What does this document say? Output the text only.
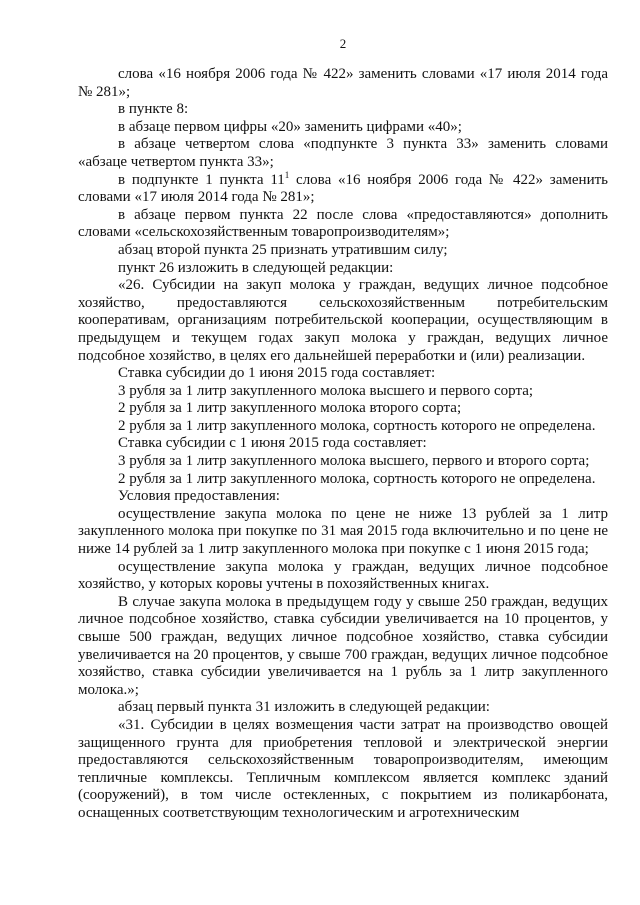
2

слова «16 ноября 2006 года № 422» заменить словами «17 июля 2014 года № 281»;

в пункте 8:

в абзаце первом цифры «20» заменить цифрами «40»;

в абзаце четвертом слова «подпункте 3 пункта 33» заменить словами «абзаце четвертом пункта 33»;

в подпункте 1 пункта $11^1$ слова «16 ноября 2006 года № 422» заменить словами «17 июля 2014 года № 281»;

в абзаце первом пункта 22 после слова «предоставляются» дополнить словами «сельскохозяйственным товаропроизводителям»;

абзац второй пункта 25 признать утратившим силу;

пункт 26 изложить в следующей редакции:

«26. Субсидии на закуп молока у граждан, ведущих личное подсобное хозяйство, предоставляются сельскохозяйственным потребительским кооперативам, организациям потребительской кооперации, осуществляющим в предыдущем и текущем годах закуп молока у граждан, ведущих личное подсобное хозяйство, в целях его дальнейшей переработки и (или) реализации.

Ставка субсидии до 1 июня 2015 года составляет:

3 рубля за 1 литр закупленного молока высшего и первого сорта;

2 рубля за 1 литр закупленного молока второго сорта;

2 рубля за 1 литр закупленного молока, сортность которого не определена.

Ставка субсидии с 1 июня 2015 года составляет:

3 рубля за 1 литр закупленного молока высшего, первого и второго сорта;

2 рубля за 1 литр закупленного молока, сортность которого не определена.

Условия предоставления:

осуществление закупа молока по цене не ниже 13 рублей за 1 литр закупленного молока при покупке по 31 мая 2015 года включительно и по цене не ниже 14 рублей за 1 литр закупленного молока при покупке с 1 июня 2015 года;

осуществление закупа молока у граждан, ведущих личное подсобное хозяйство, у которых коровы учтены в похозяйственных книгах.

В случае закупа молока в предыдущем году у свыше 250 граждан, ведущих личное подсобное хозяйство, ставка субсидии увеличивается на 10 процентов, у свыше 500 граждан, ведущих личное подсобное хозяйство, ставка субсидии увеличивается на 20 процентов, у свыше 700 граждан, ведущих личное подсобное хозяйство, ставка субсидии увеличивается на 1 рубль за 1 литр закупленного молока.»;

абзац первый пункта 31 изложить в следующей редакции:

«31. Субсидии в целях возмещения части затрат на производство овощей защищенного грунта для приобретения тепловой и электрической энергии предоставляются сельскохозяйственным товаропроизводителям, имеющим тепличные комплексы. Тепличным комплексом является комплекс зданий (сооружений), в том числе остекленных, с покрытием из поликарбоната, оснащенных соответствующим технологическим и агротехническим
